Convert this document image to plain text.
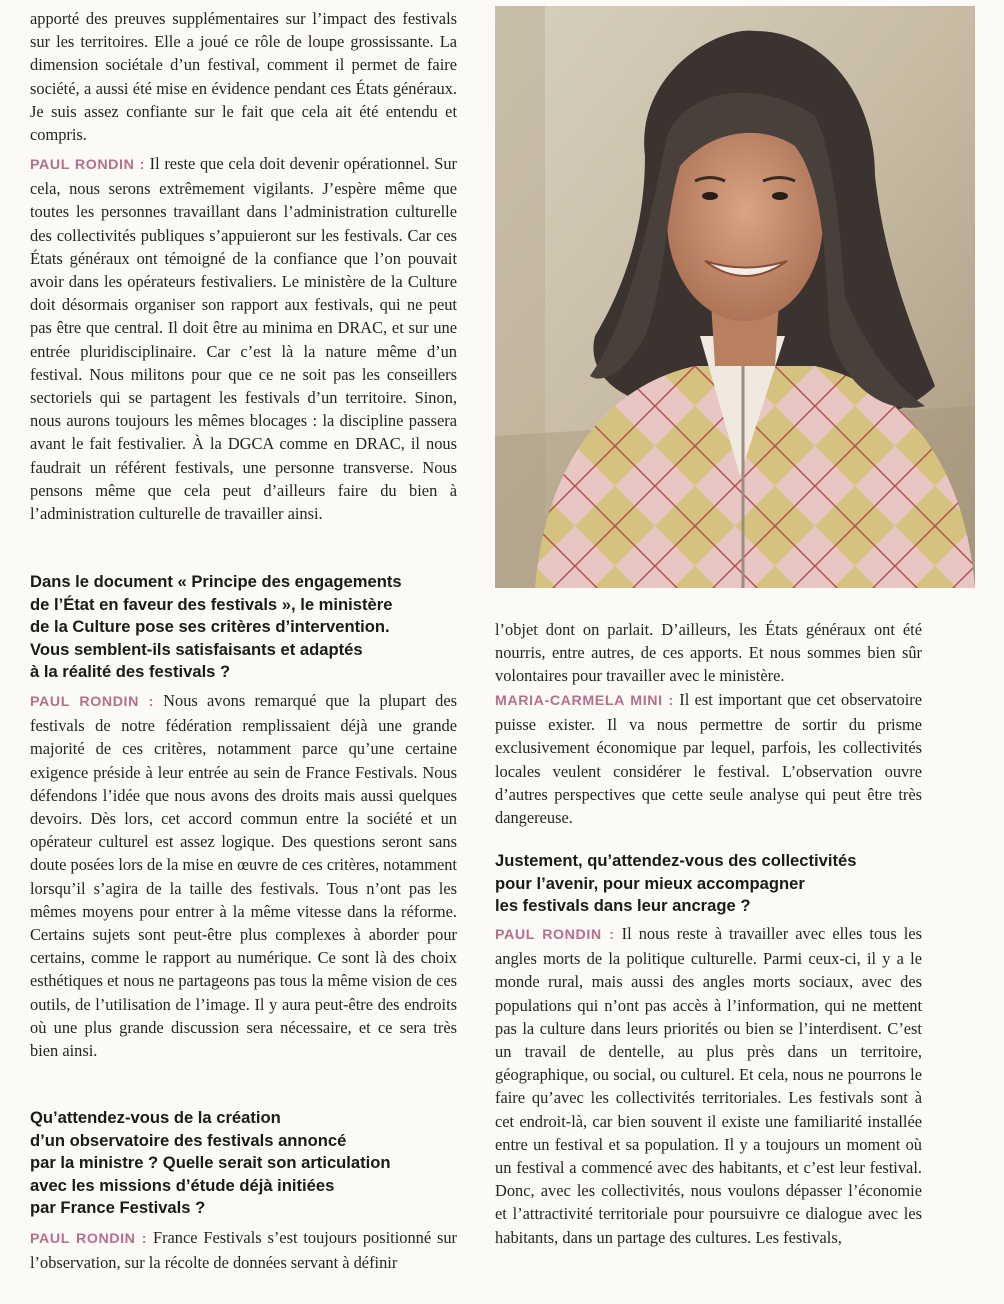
apporté des preuves supplémentaires sur l’impact des festivals sur les territoires. Elle a joué ce rôle de loupe grossissante. La dimension sociétale d’un festival, comment il permet de faire société, a aussi été mise en évidence pendant ces États généraux. Je suis assez confiante sur le fait que cela ait été entendu et compris.

PAUL RONDIN : Il reste que cela doit devenir opérationnel. Sur cela, nous serons extrêmement vigilants. J’espère même que toutes les personnes travaillant dans l’administration culturelle des collectivités publiques s’appuieront sur les festivals. Car ces États généraux ont témoigné de la confiance que l’on pouvait avoir dans les opérateurs festivaliers. Le ministère de la Culture doit désormais organiser son rapport aux festivals, qui ne peut pas être que central. Il doit être au minima en DRAC, et sur une entrée pluridisciplinaire. Car c’est là la nature même d’un festival. Nous militons pour que ce ne soit pas les conseillers sectoriels qui se partagent les festivals d’un territoire. Sinon, nous aurons toujours les mêmes blocages : la discipline passera avant le fait festivalier. À la DGCA comme en DRAC, il nous faudrait un référent festivals, une personne transverse. Nous pensons même que cela peut d’ailleurs faire du bien à l’administration culturelle de travailler ainsi.

Dans le document « Principe des engagements

de l’État en faveur des festivals », le ministère

de la Culture pose ses critères d’intervention.

Vous semblent-ils satisfaisants et adaptés

à la réalité des festivals ?

PAUL RONDIN : Nous avons remarqué que la plupart des festivals de notre fédération remplissaient déjà une grande majorité de ces critères, notamment parce qu’une certaine exigence préside à leur entrée au sein de France Festivals. Nous défendons l’idée que nous avons des droits mais aussi quelques devoirs. Dès lors, cet accord commun entre la société et un opérateur culturel est assez logique. Des questions seront sans doute posées lors de la mise en œuvre de ces critères, notamment lorsqu’il s’agira de la taille des festivals. Tous n’ont pas les mêmes moyens pour entrer à la même vitesse dans la réforme. Certains sujets sont peut-être plus complexes à aborder pour certains, comme le rapport au numérique. Ce sont là des choix esthétiques et nous ne partageons pas tous la même vision de ces outils, de l’utilisation de l’image. Il y aura peut-être des endroits où une plus grande discussion sera nécessaire, et ce sera très bien ainsi.

Qu’attendez-vous de la création

d’un observatoire des festivals annoncé

par la ministre ? Quelle serait son articulation

avec les missions d’étude déjà initiées

par France Festivals ?

PAUL RONDIN : France Festivals s’est toujours positionné sur l’observation, sur la récolte de données servant à définir

l’objet dont on parlait. D’ailleurs, les États généraux ont été nourris, entre autres, de ces apports. Et nous sommes bien sûr volontaires pour travailler avec le ministère.

MARIA-CARMELA MINI : Il est important que cet observatoire puisse exister. Il va nous permettre de sortir du prisme exclusivement économique par lequel, parfois, les collectivités locales veulent considérer le festival. L’observation ouvre d’autres perspectives que cette seule analyse qui peut être très dangereuse.

Justement, qu’attendez-vous des collectivités

pour l’avenir, pour mieux accompagner

les festivals dans leur ancrage ?

PAUL RONDIN : Il nous reste à travailler avec elles tous les angles morts de la politique culturelle. Parmi ceux-ci, il y a le monde rural, mais aussi des angles morts sociaux, avec des populations qui n’ont pas accès à l’information, qui ne mettent pas la culture dans leurs priorités ou bien se l’interdisent. C’est un travail de dentelle, au plus près dans un territoire, géographique, ou social, ou culturel. Et cela, nous ne pourrons le faire qu’avec les collectivités territoriales. Les festivals sont à cet endroit-là, car bien souvent il existe une familiarité installée entre un festival et sa population. Il y a toujours un moment où un festival a commencé avec des habitants, et c’est leur festival. Donc, avec les collectivités, nous voulons dépasser l’économie et l’attractivité territoriale pour poursuivre ce dialogue avec les habitants, dans un partage des cultures. Les festivals,
